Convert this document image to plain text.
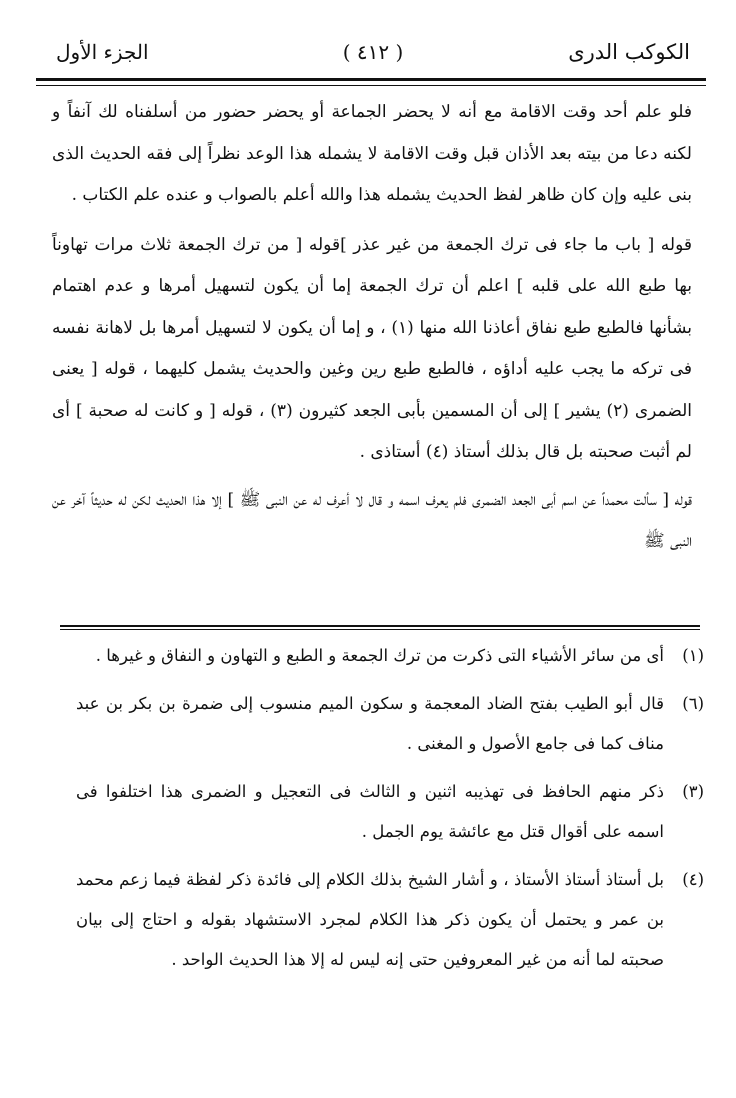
الكوكب الدرى
( ٤١٢ )
الجزء الأول

فلو علم أحد وقت الاقامة مع أنه لا يحضر الجماعة أو يحضر حضور من أسلفناه لك آنفاً و لكنه دعا من بيته بعد الأذان قبل وقت الاقامة لا يشمله هذا الوعد نظراً إلى فقه الحديث الذى بنى عليه وإن كان ظاهر لفظ الحديث يشمله هذا والله أعلم بالصواب و عنده علم الكتاب .

قوله [ باب ما جاء فى ترك الجمعة من غير عذر ]قوله [ من ترك الجمعة ثلاث مرات تهاوناً بها طبع الله على قلبه ] اعلم أن ترك الجمعة إما أن يكون لتسهيل أمرها و عدم اهتمام بشأنها فالطبع طبع نفاق أعاذنا الله منها (١) ، و إما أن يكون لا لتسهيل أمرها بل لاهانة نفسه فى تركه ما يجب عليه أداؤه ، فالطبع طبع رين وغين والحديث يشمل كليهما ، قوله [ يعنى الضمرى (٢) يشير ] إلى أن المسمين بأبى الجعد كثيرون (٣) ، قوله [ و كانت له صحبة ] أى لم أثبت صحبته بل قال بذلك أستاذ (٤) أستاذى .

قوله [ سألت محمداً عن اسم أبى الجعد الضمرى فلم يعرف اسمه و قال لا أعرف له عن النبى ﷺ ] إلا هذا الحديث لكن له حديثاً آخر عن النبى ﷺ

(١)
أى من سائر الأشياء التى ذكرت من ترك الجمعة و الطبع و التهاون و النفاق و غيرها .
(٦)
قال أبو الطيب بفتح الضاد المعجمة و سكون الميم منسوب إلى ضمرة بن بكر بن عبد مناف كما فى جامع الأصول و المغنى .
(٣)
ذكر منهم الحافظ فى تهذيبه اثنين و الثالث فى التعجيل و الضمرى هذا اختلفوا فى اسمه على أقوال قتل مع عائشة يوم الجمل .
(٤)
بل أستاذ أستاذ الأستاذ ، و أشار الشيخ بذلك الكلام إلى فائدة ذكر لفظة فيما زعم محمد بن عمر و يحتمل أن يكون ذكر هذا الكلام لمجرد الاستشهاد بقوله و احتاج إلى بيان صحبته لما أنه من غير المعروفين حتى إنه ليس له إلا هذا الحديث الواحد .
